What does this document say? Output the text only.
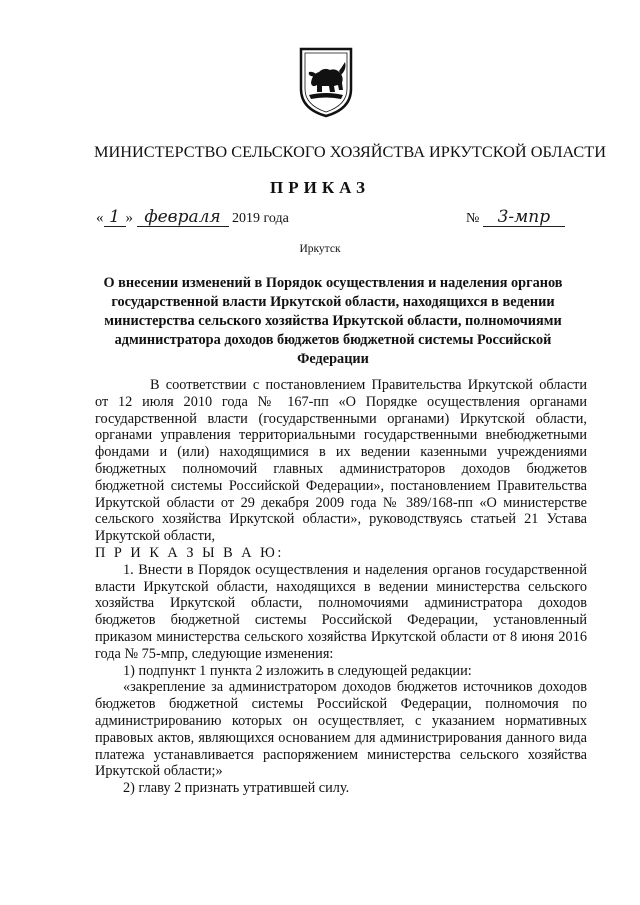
МИНИСТЕРСТВО СЕЛЬСКОГО ХОЗЯЙСТВА ИРКУТСКОЙ ОБЛАСТИ
ПРИКАЗ
« 1 » февраля 2019 года	№ 3-мпр
Иркутск
О внесении изменений в Порядок осуществления и наделения органов государственной власти Иркутской области, находящихся в ведении министерства сельского хозяйства Иркутской области, полномочиями администратора доходов бюджетов бюджетной системы Российской Федерации

В соответствии с постановлением Правительства Иркутской области от 12 июля 2010 года № 167-пп «О Порядке осуществления органами государственной власти (государственными органами) Иркутской области, органами управления территориальными государственными внебюджетными фондами и (или) находящимися в их ведении казенными учреждениями бюджетных полномочий главных администраторов доходов бюджетов бюджетной системы Российской Федерации», постановлением Правительства Иркутской области от 29 декабря 2009 года № 389/168-пп «О министерстве сельского хозяйства Иркутской области», руководствуясь статьей 21 Устава Иркутской области,

П Р И К А З Ы В А Ю:

1. Внести в Порядок осуществления и наделения органов государственной власти Иркутской области, находящихся в ведении министерства сельского хозяйства Иркутской области, полномочиями администратора доходов бюджетов бюджетной системы Российской Федерации, установленный приказом министерства сельского хозяйства Иркутской области от 8 июня 2016 года № 75-мпр, следующие изменения:

1) подпункт 1 пункта 2 изложить в следующей редакции:

«закрепление за администратором доходов бюджетов источников доходов бюджетов бюджетной системы Российской Федерации, полномочия по администрированию которых он осуществляет, с указанием нормативных правовых актов, являющихся основанием для администрирования данного вида платежа устанавливается распоряжением министерства сельского хозяйства Иркутской области;»

2) главу 2 признать утратившей силу.
